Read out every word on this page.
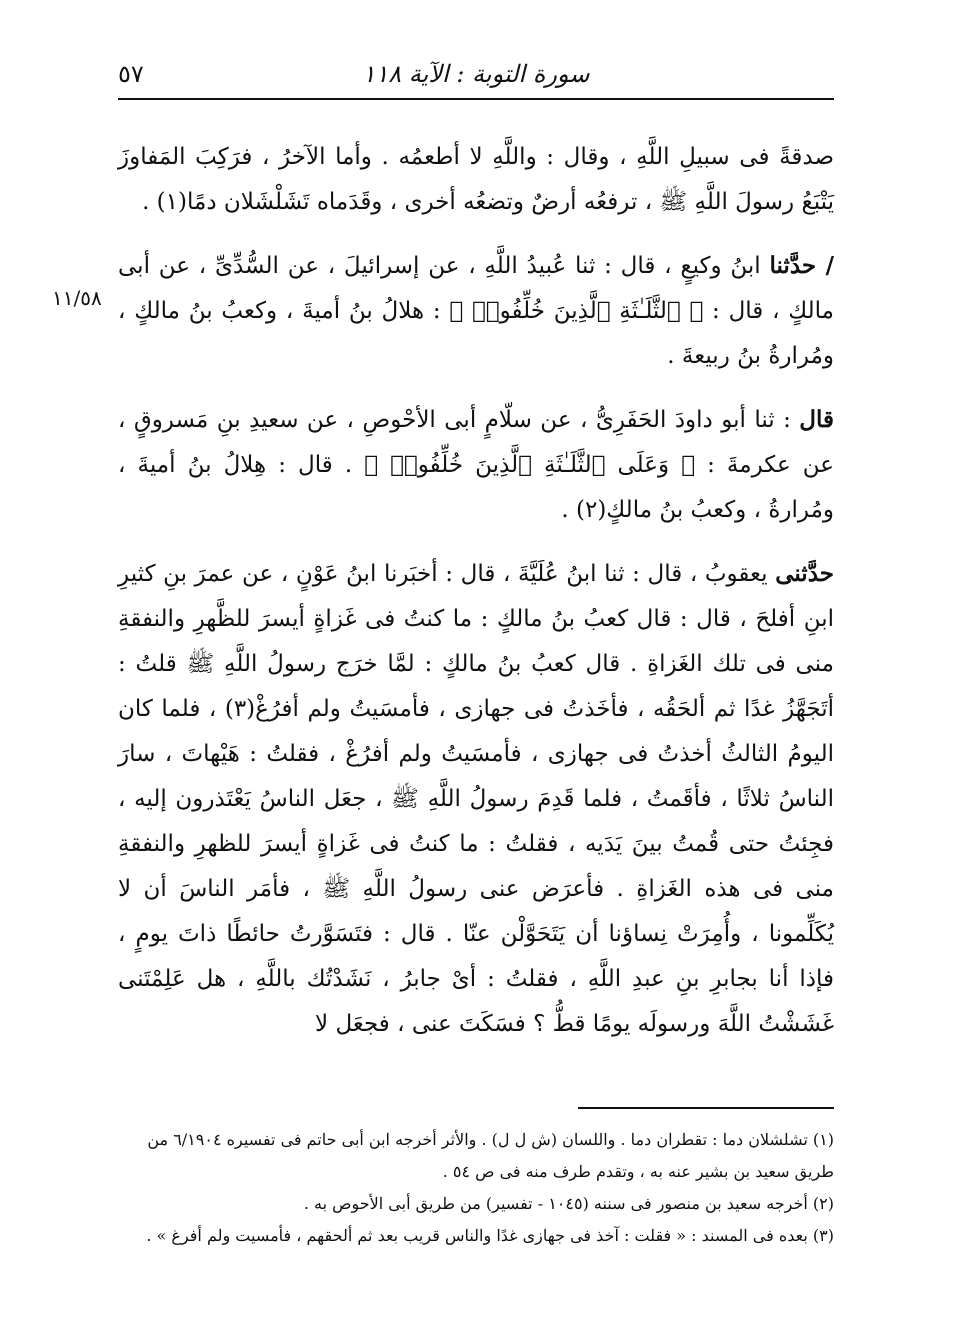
٥٧	سورة التوبة : الآية ١١٨
١١/٥٨

صدقةً فى سبيلِ اللَّهِ ، وقال : واللَّهِ لا أطعمُه . وأما الآخرُ ، فرَكِبَ المَفاوزَ يَتْبَعُ رسولَ اللَّهِ ﷺ ، ترفعُه أرضٌ وتضعُه أخرى ، وقَدَماه تَشَلْشَلان دمًا(١) .

/ حدَّثنا ابنُ وكيعٍ ، قال : ثنا عُبيدُ اللَّهِ ، عن إسرائيلَ ، عن السُّدِّىِّ ، عن أبى مالكٍ ، قال : ﴿ ٱلثَّلَـٰثَةِ ٱلَّذِينَ خُلِّفُوا۟ ﴾ : هلالُ بنُ أميةَ ، وكعبُ بنُ مالكٍ ، ومُرارةُ بنُ ربيعةَ .

قال : ثنا أبو داودَ الحَفَرِىُّ ، عن سلّامٍ أبى الأحْوصِ ، عن سعيدِ بنِ مَسروقٍ ، عن عكرمةَ : ﴿ وَعَلَى ٱلثَّلَـٰثَةِ ٱلَّذِينَ خُلِّفُوا۟ ﴾ . قال : هِلالُ بنُ أميةَ ، ومُرارةُ ، وكعبُ بنُ مالكٍ(٢) .

حدَّثنى يعقوبُ ، قال : ثنا ابنُ عُلَيَّةَ ، قال : أخبَرنا ابنُ عَوْنٍ ، عن عمرَ بنِ كثيرِ ابنِ أفلحَ ، قال : قال كعبُ بنُ مالكٍ : ما كنتُ فى غَزاةٍ أيسرَ للظَّهرِ والنفقةِ منى فى تلك الغَزاةِ . قال كعبُ بنُ مالكٍ : لمَّا خرَج رسولُ اللَّهِ ﷺ قلتُ : أتَجَهَّزُ غدًا ثم ألحَقُه ، فأخَذتُ فى جهازى ، فأمسَيتُ ولم أفرُغْ(٣) ، فلما كان اليومُ الثالثُ أخذتُ فى جهازى ، فأمسَيتُ ولم أفرُغْ ، فقلتُ : هَيْهاتَ ، سارَ الناسُ ثلاثًا ، فأقَمتُ ، فلما قَدِمَ رسولُ اللَّهِ ﷺ ، جعَل الناسُ يَعْتَذرون إليه ، فجِئتُ حتى قُمتُ بينَ يَدَيه ، فقلتُ : ما كنتُ فى غَزاةٍ أيسرَ للظهرِ والنفقةِ منى فى هذه الغَزاةِ . فأعرَض عنى رسولُ اللَّهِ ﷺ ، فأمَر الناسَ أن لا يُكَلِّمونا ، وأُمِرَتْ نِساؤنا أن يَتَحَوَّلْن عنّا . قال : فتَسَوَّرتُ حائطًا ذاتَ يومٍ ، فإذا أنا بجابرِ بنِ عبدِ اللَّهِ ، فقلتُ : أىْ جابرُ ، نَشَدْتُك باللَّهِ ، هل عَلِمْتَنى غَشَشْتُ اللَّهَ ورسولَه يومًا قطُّ ؟ فسَكَتَ عنى ، فجعَل لا

(١) تشلشلان دما : تقطران دما . واللسان (ش ل ل) . والأثر أخرجه ابن أبى حاتم فى تفسيره ٦/١٩٠٤ من طريق سعيد بن بشير عنه به ، وتقدم طرف منه فى ص ٥٤ .

(٢) أخرجه سعيد بن منصور فى سننه (١٠٤٥ - تفسير) من طريق أبى الأحوص به .

(٣) بعده فى المسند : « فقلت : آخذ فى جهازى غدًا والناس قريب بعد ثم ألحقهم ، فأمسيت ولم أفرغ » .
